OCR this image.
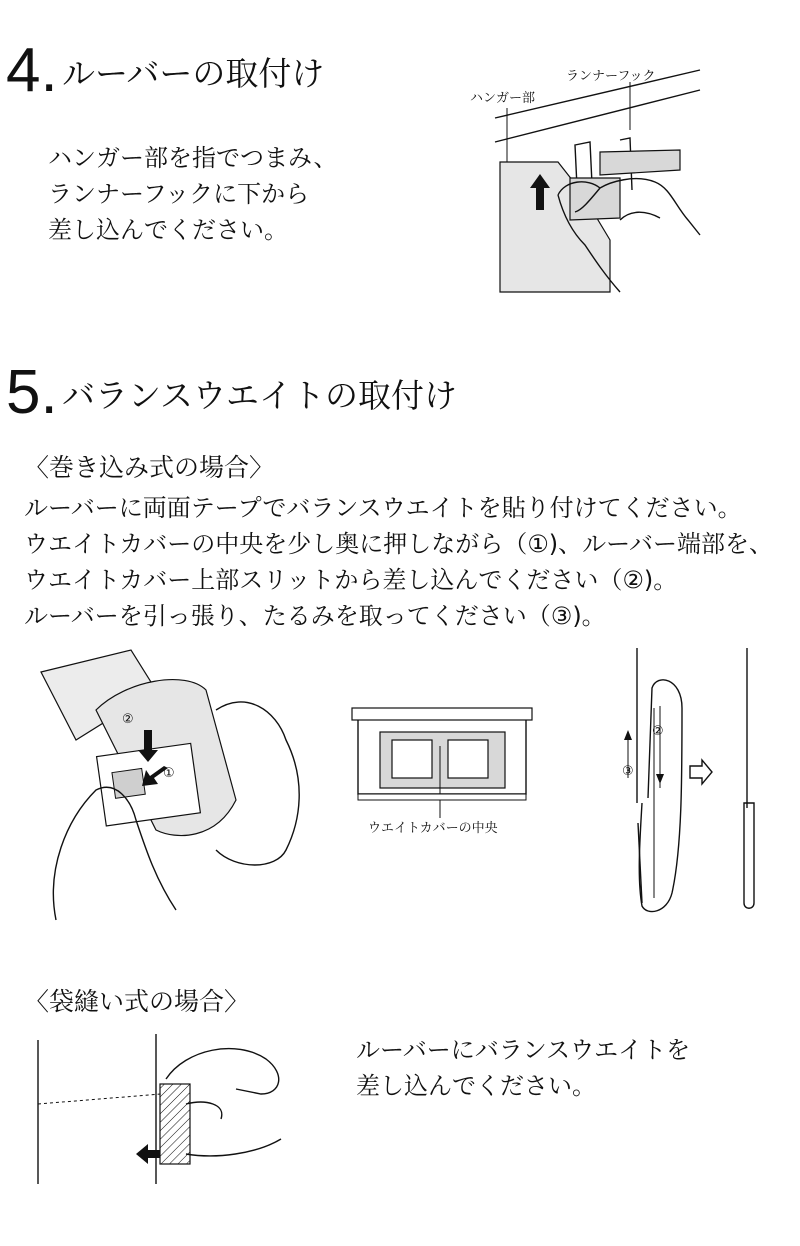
4. ルーバーの取付け
ハンガー部を指でつまみ、
ランナーフックに下から
差し込んでください。
ランナーフック
ハンガー部
5. バランスウエイトの取付け
〈巻き込み式の場合〉
ルーバーに両面テープでバランスウエイトを貼り付けてください。
ウエイトカバーの中央を少し奥に押しながら（①)、ルーバー端部を、
ウエイトカバー上部スリットから差し込んでください（②)。
ルーバーを引っ張り、たるみを取ってください（③)。
②
①
ウエイトカバーの中央
②
③
〈袋縫い式の場合〉
ルーバーにバランスウエイトを
差し込んでください。
